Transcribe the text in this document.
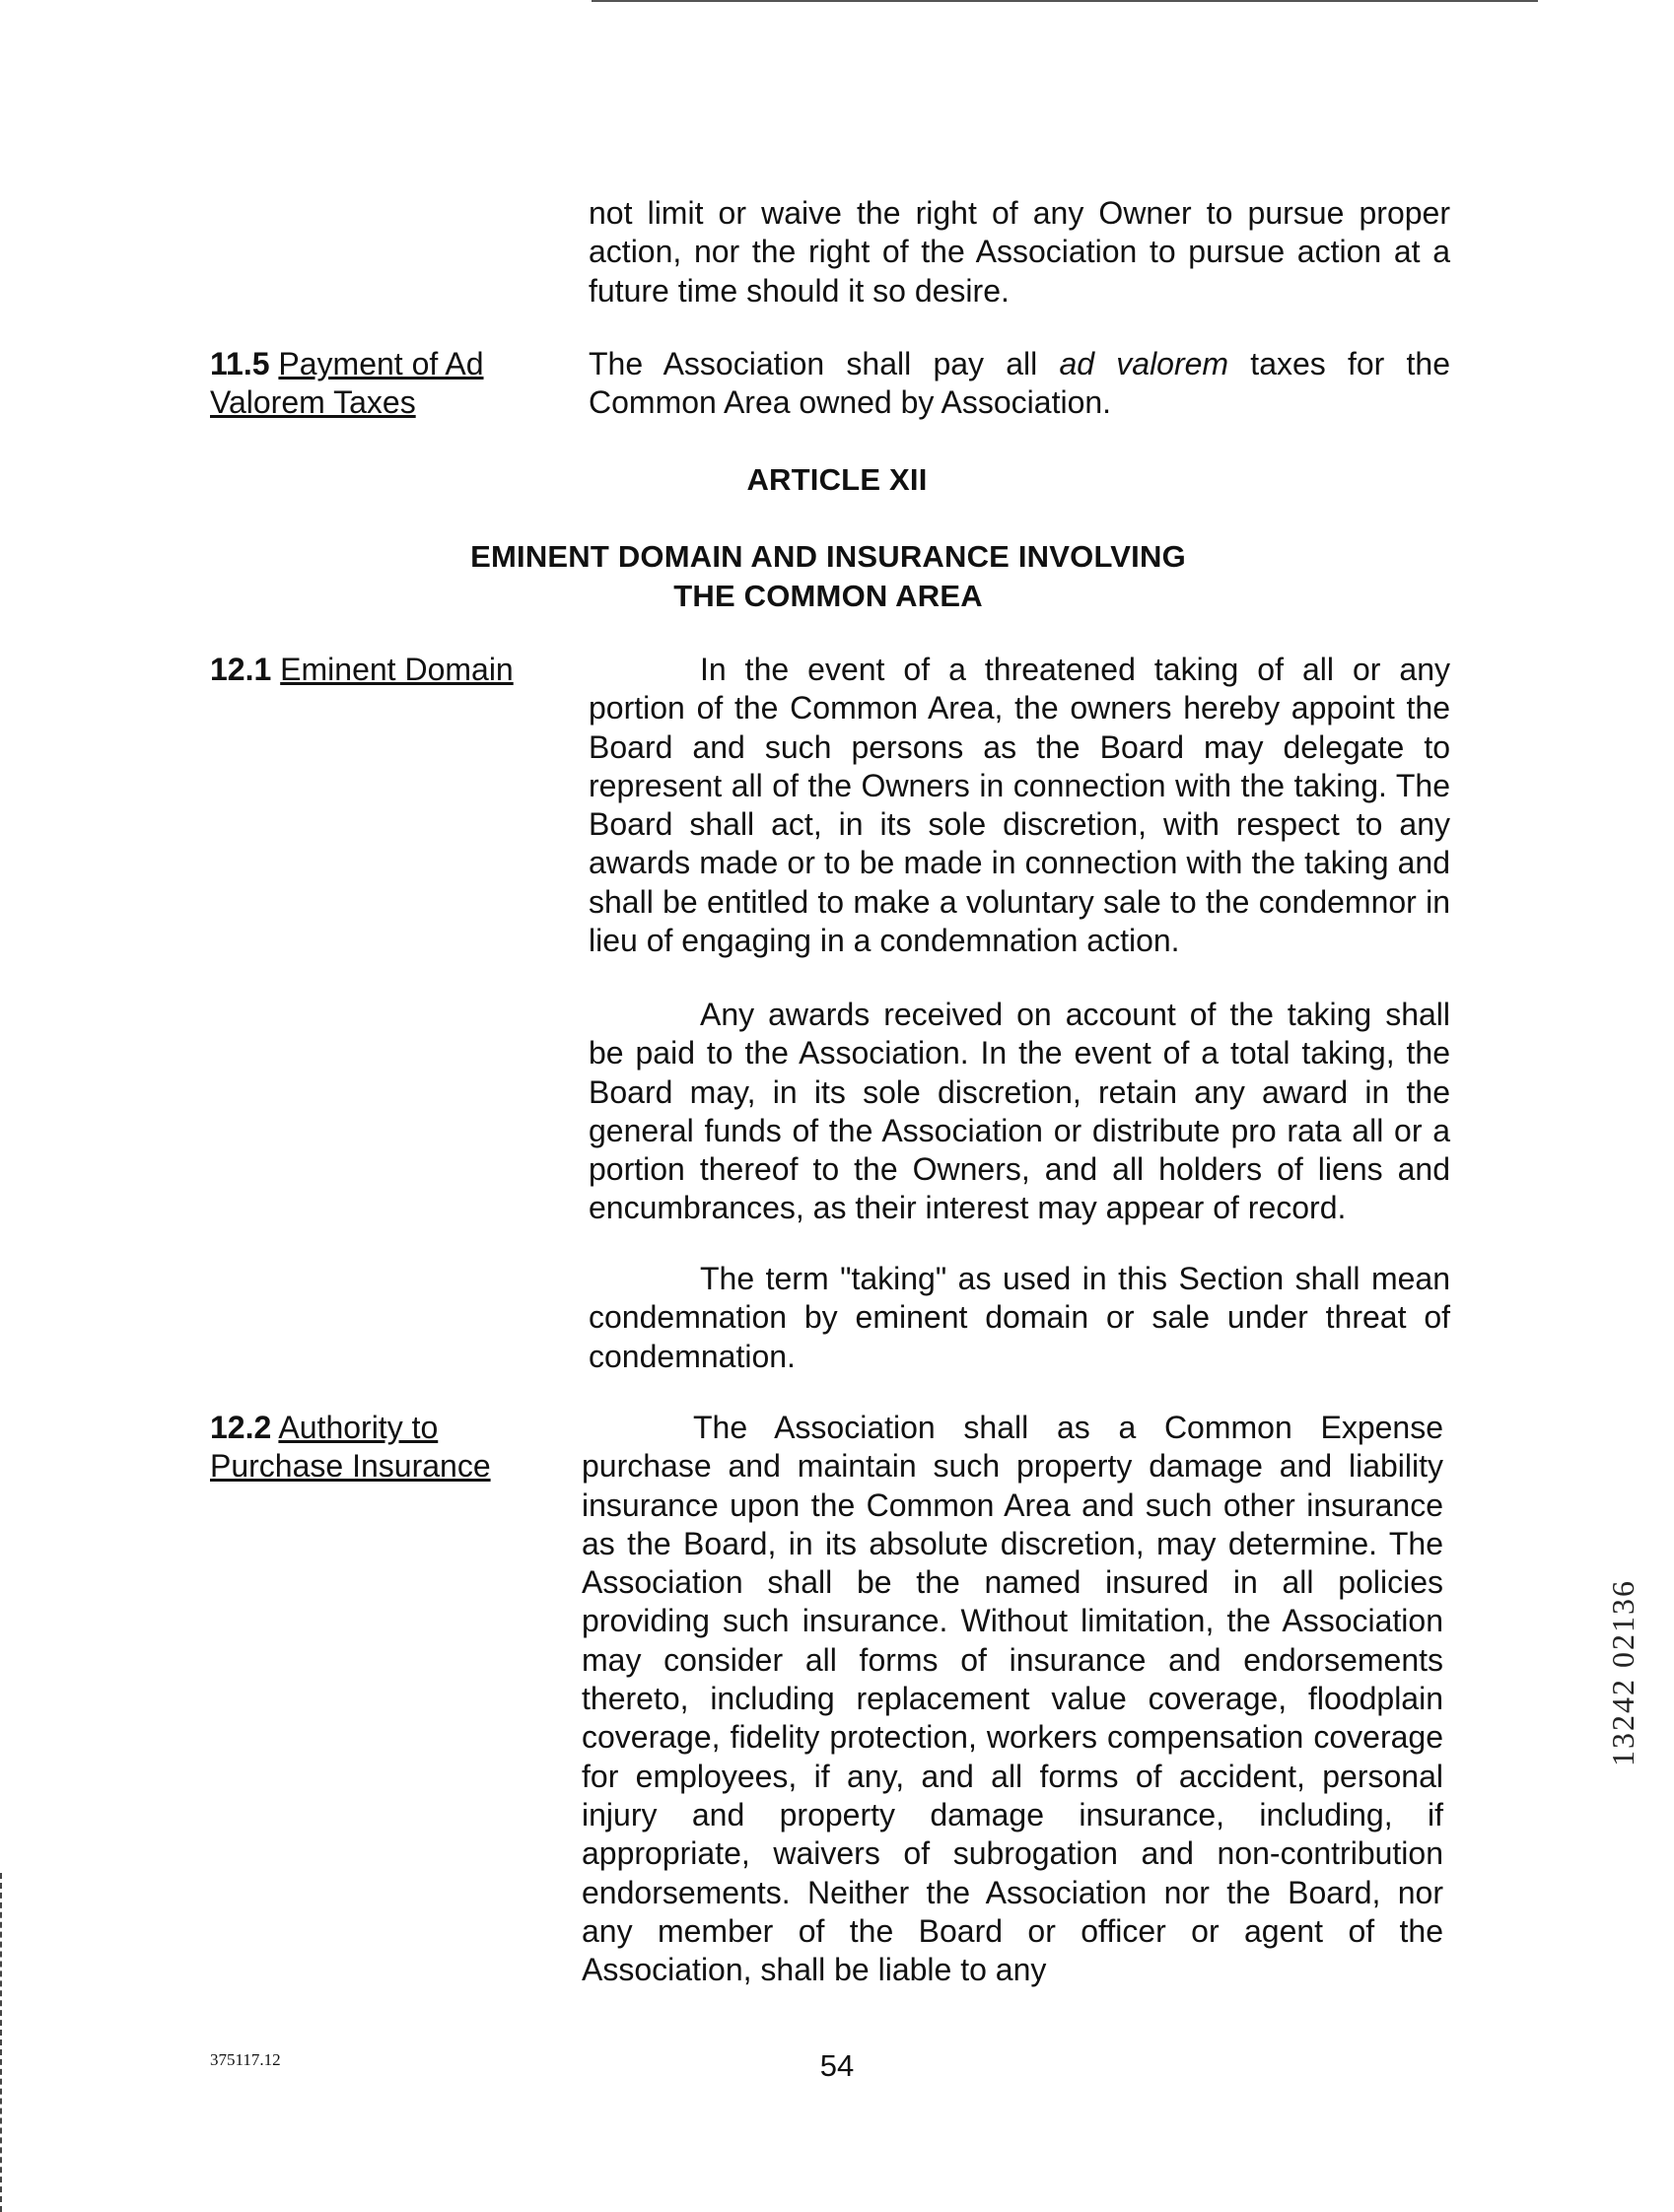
not limit or waive the right of any Owner to pursue proper action, nor the right of the Association to pursue action at a future time should it so desire.

11.5 Payment of Ad Valorem Taxes

The Association shall pay all ad valorem taxes for the Common Area owned by Association.

ARTICLE XII

EMINENT DOMAIN AND INSURANCE INVOLVING

THE COMMON AREA

12.1 Eminent Domain	In the event of a threatened taking of all or any portion of the Common Area, the owners hereby appoint the Board and such persons as the Board may delegate to represent all of the Owners in connection with the taking. The Board shall act, in its sole discretion, with respect to any awards made or to be made in connection with the taking and shall be entitled to make a voluntary sale to the condemnor in lieu of engaging in a condemnation action.

Any awards received on account of the taking shall be paid to the Association. In the event of a total taking, the Board may, in its sole discretion, retain any award in the general funds of the Association or distribute pro rata all or a portion thereof to the Owners, and all holders of liens and encumbrances, as their interest may appear of record.

The term "taking" as used in this Section shall mean condemnation by eminent domain or sale under threat of condemnation.

12.2 Authority to Purchase Insurance

The Association shall as a Common Expense purchase and maintain such property damage and liability insurance upon the Common Area and such other insurance as the Board, in its absolute discretion, may determine. The Association shall be the named insured in all policies providing such insurance. Without limitation, the Association may consider all forms of insurance and endorsements thereto, including replacement value coverage, floodplain coverage, fidelity protection, workers compensation coverage for employees, if any, and all forms of accident, personal injury and property damage insurance, including, if appropriate, waivers of subrogation and non-contribution endorsements. Neither the Association nor the Board, nor any member of the Board or officer or agent of the Association, shall be liable to any

375117.12	54
13242 02136
